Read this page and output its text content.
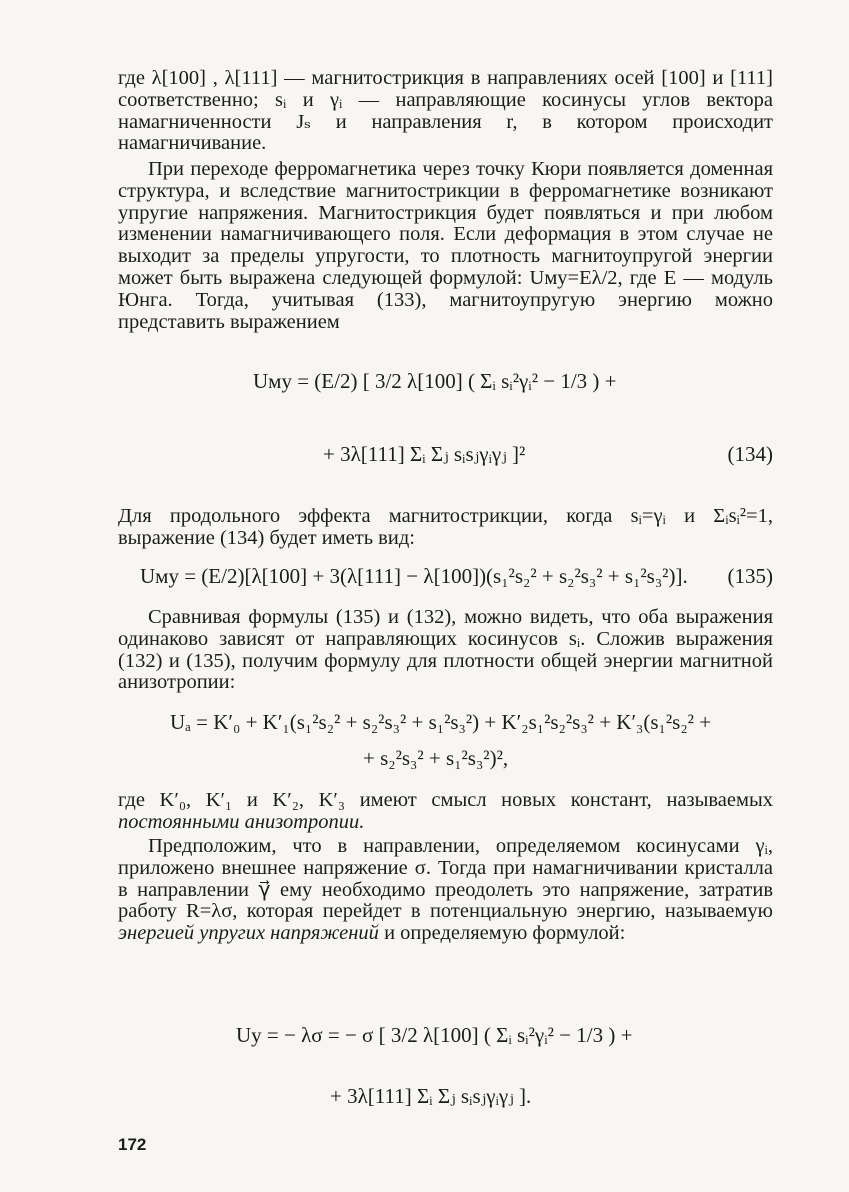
где λ[100] , λ[111] — магнитострикция в направлениях осей [100] и [111] соответственно; sᵢ и γᵢ — направляющие косинусы углов вектора намагниченности Jₛ и направления r, в котором происходит намагничивание.

При переходе ферромагнетика через точку Кюри появляется доменная структура, и вследствие магнитострикции в ферромагнетике возникают упругие напряжения. Магнитострикция будет появляться и при любом изменении намагничивающего поля. Если деформация в этом случае не выходит за пределы упругости, то плотность магнитоупругой энергии может быть выражена следующей формулой: Uму=Eλ/2, где E — модуль Юнга. Тогда, учитывая (133), магнитоупругую энергию можно представить выражением

Uму = (E/2) [ 3/2 λ[100] ( Σᵢ sᵢ²γᵢ² − 1/3 ) +
+ 3λ[111] Σᵢ Σⱼ sᵢsⱼγᵢγⱼ ]²	(134)

Для продольного эффекта магнитострикции, когда sᵢ=γᵢ и Σᵢsᵢ²=1, выражение (134) будет иметь вид:

Uму = (E/2)[λ[100] + 3(λ[111] − λ[100])(s₁²s₂² + s₂²s₃² + s₁²s₃²)]. (135)

Сравнивая формулы (135) и (132), можно видеть, что оба выражения одинаково зависят от направляющих косинусов sᵢ. Сложив выражения (132) и (135), получим формулу для плотности общей энергии магнитной анизотропии:

Uₐ = K′₀ + K′₁(s₁²s₂² + s₂²s₃² + s₁²s₃²) + K′₂s₁²s₂²s₃² + K′₃(s₁²s₂² +
+ s₂²s₃² + s₁²s₃²)²,

где K′₀, K′₁ и K′₂, K′₃ имеют смысл новых констант, называемых постоянными анизотропии.

Предположим, что в направлении, определяемом косинусами γᵢ, приложено внешнее напряжение σ. Тогда при намагничивании кристалла в направлении γ⃗ ему необходимо преодолеть это напряжение, затратив работу R=λσ, которая перейдет в потенциальную энергию, называемую энергией упругих напряжений и определяемую формулой:

Uу = − λσ = − σ [ 3/2 λ[100] ( Σᵢ sᵢ²γᵢ² − 1/3 ) +
+ 3λ[111] Σᵢ Σⱼ sᵢsⱼγᵢγⱼ ].
172
